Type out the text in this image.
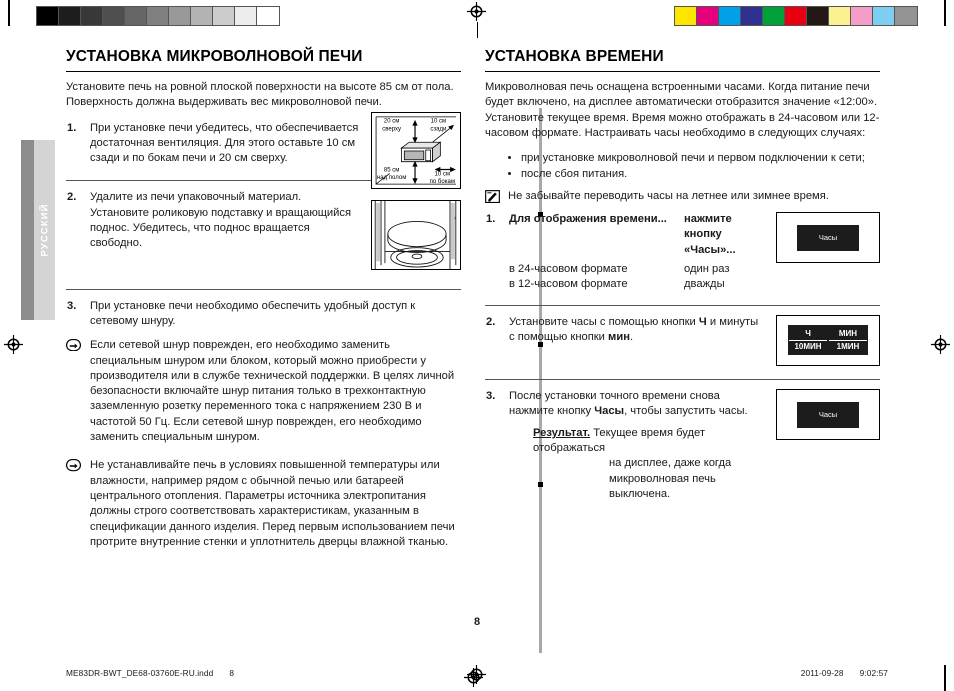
РУССКИЙ
УСТАНОВКА МИКРОВОЛНОВОЙ ПЕЧИ

Установите печь на ровной плоской поверхности на высоте 85 см от пола. Поверхность должна выдерживать вес микроволновой печи.

20 см
сверху
10 см
сзади
85 см
над полом
10 см
по бокам
1. При установке печи убедитесь, что обеспечивается достаточная вентиляция. Для этого оставьте 10 см сзади и по бокам печи и 20 см сверху.

2. Удалите из печи упаковочный материал. Установите роликовую подставку и вращающийся поднос. Убедитесь, что поднос вращается свободно.

3. При установке печи необходимо обеспечить удобный доступ к сетевому шнуру.

Если сетевой шнур поврежден, его необходимо заменить специальным шнуром или блоком, который можно приобрести у производителя или в службе технической поддержки. В целях личной безопасности включайте шнур питания только в трехконтактную заземленную розетку переменного тока с напряжением 230 В и частотой 50 Гц. Если сетевой шнур поврежден, его необходимо заменить специальным шнуром.

Не устанавливайте печь в условиях повышенной температуры или влажности, например рядом с обычной печью или батареей центрального отопления. Параметры источника электропитания должны строго соответствовать характеристикам, указанным в спецификации данного изделия. Перед первым использованием печи протрите внутренние стенки и уплотнитель дверцы влажной тканью.

УСТАНОВКА ВРЕМЕНИ

Микроволновая печь оснащена встроенными часами. Когда питание печи будет включено, на дисплее автоматически отобразится значение «12:00».

Установите текущее время. Время можно отображать в 24-часовом или 12-часовом формате. Настраивать часы необходимо в следующих случаях:

• при установке микроволновой печи и первом подключении к сети;
• после сбоя питания.
Не забывайте переводить часы на летнее или зимнее время.
1.
Часы
Для отображения времени...	нажмите кнопку «Часы»...
в 24-часовом формате	один раз
в 12-часовом формате	дважды
2.
Ч	МИН
10МИН	1МИН

Установите часы с помощью кнопки Ч и минуты с помощью кнопки мин.

3.
Часы

После установки точного времени снова нажмите кнопку Часы, чтобы запустить часы.

Результат. Текущее время будет отображаться
на дисплее, даже когда микроволновая печь выключена.
8
ME83DR-BWT_DE68-03760E-RU.indd 8	2011-09-28 9:02:57
